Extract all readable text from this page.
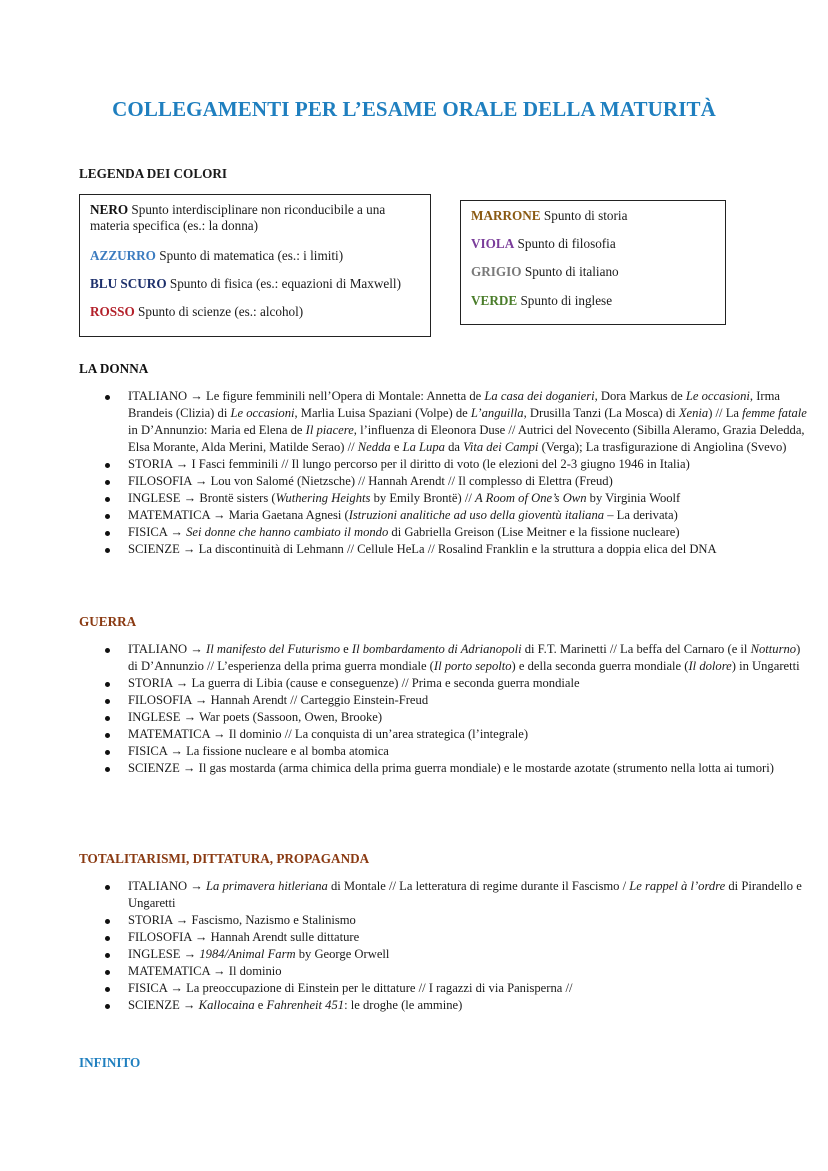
COLLEGAMENTI PER L’ESAME ORALE DELLA MATURITÀ
LEGENDA DEI COLORI
NERO Spunto interdisciplinare non riconducibile a una materia specifica (es.: la donna)
AZZURRO Spunto di matematica (es.: i limiti)
BLU SCURO Spunto di fisica (es.: equazioni di Maxwell)
ROSSO Spunto di scienze (es.: alcohol)
MARRONE Spunto di storia
VIOLA Spunto di filosofia
GRIGIO Spunto di italiano
VERDE Spunto di inglese
LA DONNA
ITALIANO → Le figure femminili nell’Opera di Montale: Annetta de La casa dei doganieri, Dora Markus de Le occasioni, Irma Brandeis (Clizia) di Le occasioni, Marlia Luisa Spaziani (Volpe) de L’anguilla, Drusilla Tanzi (La Mosca) di Xenia) // La femme fatale in D’Annunzio: Maria ed Elena de Il piacere, l’influenza di Eleonora Duse // Autrici del Novecento (Sibilla Aleramo, Grazia Deledda, Elsa Morante, Alda Merini, Matilde Serao) // Nedda e La Lupa da Vita dei Campi (Verga); La trasfigurazione di Angiolina (Svevo)
STORIA → I Fasci femminili // Il lungo percorso per il diritto di voto (le elezioni del 2-3 giugno 1946 in Italia)
FILOSOFIA → Lou von Salomé (Nietzsche) // Hannah Arendt // Il complesso di Elettra (Freud)
INGLESE → Brontë sisters (Wuthering Heights by Emily Brontë) // A Room of One’s Own by Virginia Woolf
MATEMATICA → Maria Gaetana Agnesi (Istruzioni analitiche ad uso della gioventù italiana – La derivata)
FISICA → Sei donne che hanno cambiato il mondo di Gabriella Greison (Lise Meitner e la fissione nucleare)
SCIENZE → La discontinuità di Lehmann // Cellule HeLa // Rosalind Franklin e la struttura a doppia elica del DNA
GUERRA
ITALIANO → Il manifesto del Futurismo e Il bombardamento di Adrianopoli di F.T. Marinetti // La beffa del Carnaro (e il Notturno) di D’Annunzio // L’esperienza della prima guerra mondiale (Il porto sepolto) e della seconda guerra mondiale (Il dolore) in Ungaretti
STORIA → La guerra di Libia (cause e conseguenze) // Prima e seconda guerra mondiale
FILOSOFIA → Hannah Arendt // Carteggio Einstein-Freud
INGLESE → War poets (Sassoon, Owen, Brooke)
MATEMATICA → Il dominio // La conquista di un’area strategica (l’integrale)
FISICA → La fissione nucleare e al bomba atomica
SCIENZE → Il gas mostarda (arma chimica della prima guerra mondiale) e le mostarde azotate (strumento nella lotta ai tumori)
TOTALITARISMI, DITTATURA, PROPAGANDA
ITALIANO → La primavera hitleriana di Montale // La letteratura di regime durante il Fascismo / Le rappel à l’ordre di Pirandello e Ungaretti
STORIA → Fascismo, Nazismo e Stalinismo
FILOSOFIA → Hannah Arendt sulle dittature
INGLESE → 1984/Animal Farm by George Orwell
MATEMATICA → Il dominio
FISICA → La preoccupazione di Einstein per le dittature // I ragazzi di via Panisperna //
SCIENZE → Kallocaina e Fahrenheit 451: le droghe (le ammine)
INFINITO
